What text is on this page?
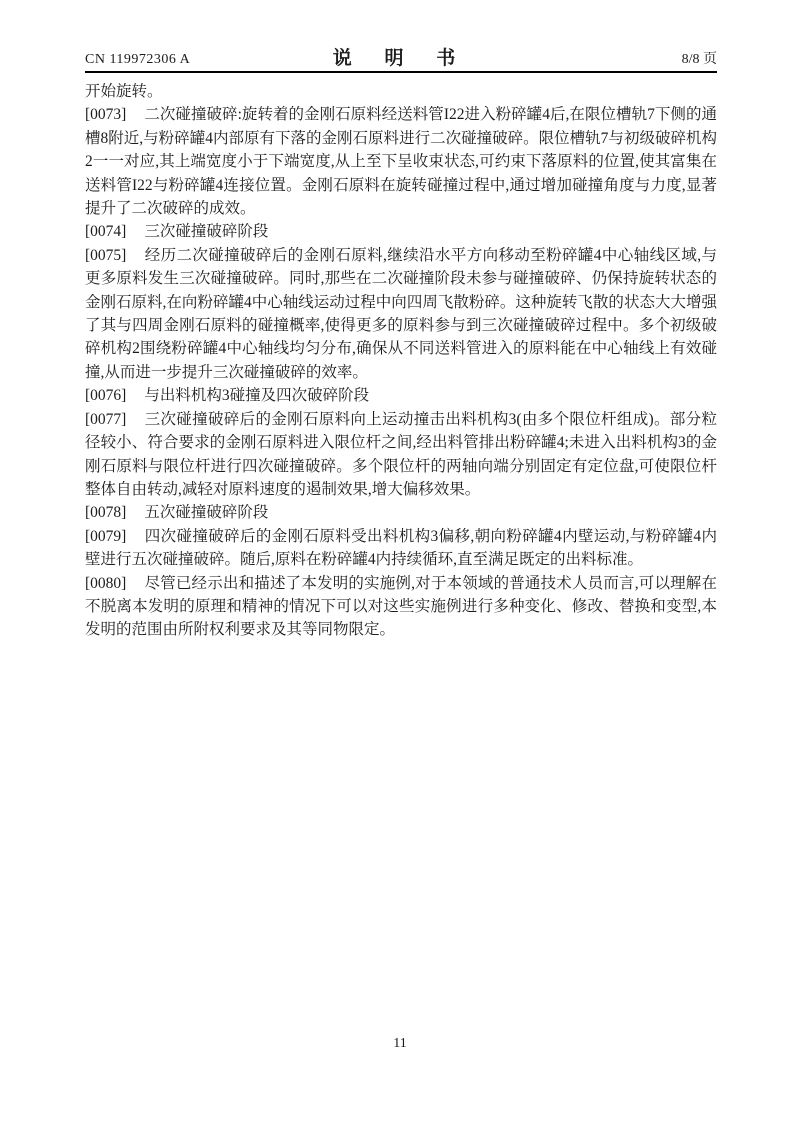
CN 119972306 A	说 明 书	8/8 页

开始旋转。

[0073] 二次碰撞破碎:旋转着的金刚石原料经送料管I22进入粉碎罐4后,在限位槽轨7下侧的通槽8附近,与粉碎罐4内部原有下落的金刚石原料进行二次碰撞破碎。限位槽轨7与初级破碎机构2一一对应,其上端宽度小于下端宽度,从上至下呈收束状态,可约束下落原料的位置,使其富集在送料管I22与粉碎罐4连接位置。金刚石原料在旋转碰撞过程中,通过增加碰撞角度与力度,显著提升了二次破碎的成效。

[0074] 三次碰撞破碎阶段

[0075] 经历二次碰撞破碎后的金刚石原料,继续沿水平方向移动至粉碎罐4中心轴线区域,与更多原料发生三次碰撞破碎。同时,那些在二次碰撞阶段未参与碰撞破碎、仍保持旋转状态的金刚石原料,在向粉碎罐4中心轴线运动过程中向四周飞散粉碎。这种旋转飞散的状态大大增强了其与四周金刚石原料的碰撞概率,使得更多的原料参与到三次碰撞破碎过程中。多个初级破碎机构2围绕粉碎罐4中心轴线均匀分布,确保从不同送料管进入的原料能在中心轴线上有效碰撞,从而进一步提升三次碰撞破碎的效率。

[0076] 与出料机构3碰撞及四次破碎阶段

[0077] 三次碰撞破碎后的金刚石原料向上运动撞击出料机构3(由多个限位杆组成)。部分粒径较小、符合要求的金刚石原料进入限位杆之间,经出料管排出粉碎罐4;未进入出料机构3的金刚石原料与限位杆进行四次碰撞破碎。多个限位杆的两轴向端分别固定有定位盘,可使限位杆整体自由转动,减轻对原料速度的遏制效果,增大偏移效果。

[0078] 五次碰撞破碎阶段

[0079] 四次碰撞破碎后的金刚石原料受出料机构3偏移,朝向粉碎罐4内壁运动,与粉碎罐4内壁进行五次碰撞破碎。随后,原料在粉碎罐4内持续循环,直至满足既定的出料标准。

[0080] 尽管已经示出和描述了本发明的实施例,对于本领域的普通技术人员而言,可以理解在不脱离本发明的原理和精神的情况下可以对这些实施例进行多种变化、修改、替换和变型,本发明的范围由所附权利要求及其等同物限定。

11
